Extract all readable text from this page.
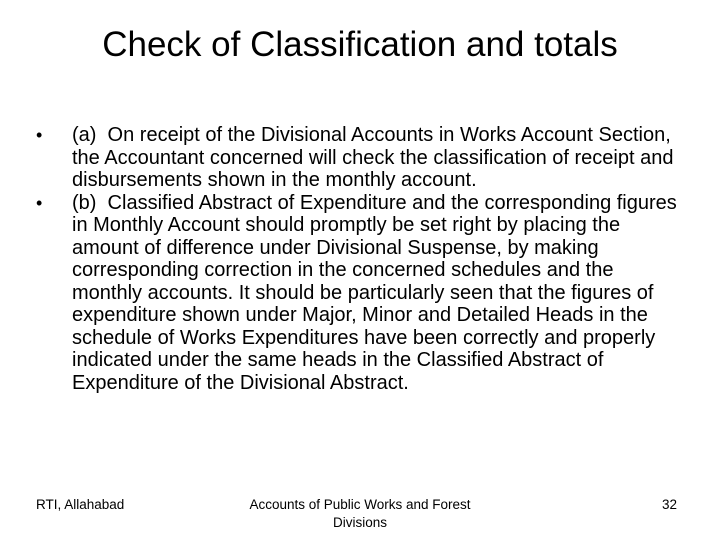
Check of Classification and totals
•	(a)  On receipt of the Divisional Accounts in Works Account Section, the Accountant concerned will check the classification of receipt and disbursements shown in the monthly account.
•	(b)  Classified Abstract of Expenditure and the corresponding figures in Monthly Account should promptly be set right by placing the amount of difference under Divisional Suspense, by making corresponding correction in the concerned schedules and the monthly accounts. It should be particularly seen that the figures of expenditure shown under Major, Minor and Detailed Heads in the schedule of Works Expenditures have been correctly and properly indicated under the same heads in the Classified Abstract of Expenditure of the Divisional Abstract.
RTI, Allahabad	Accounts of Public Works and Forest Divisions
32
